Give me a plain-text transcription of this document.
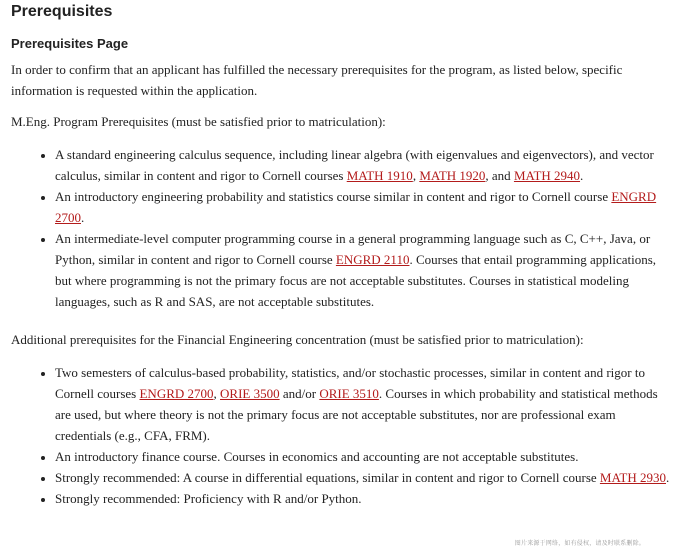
Prerequisites
Prerequisites Page

In order to confirm that an applicant has fulfilled the necessary prerequisites for the program, as listed below, specific information is requested within the application.

M.Eng. Program Prerequisites (must be satisfied prior to matriculation):

• A standard engineering calculus sequence, including linear algebra (with eigenvalues and eigenvectors), and vector calculus, similar in content and rigor to Cornell courses MATH 1910, MATH 1920, and MATH 2940.
• An introductory engineering probability and statistics course similar in content and rigor to Cornell course ENGRD 2700.
• An intermediate-level computer programming course in a general programming language such as C, C++, Java, or Python, similar in content and rigor to Cornell course ENGRD 2110. Courses that entail programming applications, but where programming is not the primary focus are not acceptable substitutes. Courses in statistical modeling languages, such as R and SAS, are not acceptable substitutes.

Additional prerequisites for the Financial Engineering concentration (must be satisfied prior to matriculation):

• Two semesters of calculus-based probability, statistics, and/or stochastic processes, similar in content and rigor to Cornell courses ENGRD 2700, ORIE 3500 and/or ORIE 3510. Courses in which probability and statistical methods are used, but where theory is not the primary focus are not acceptable substitutes, nor are professional exam credentials (e.g., CFA, FRM).
• An introductory finance course. Courses in economics and accounting are not acceptable substitutes.
• Strongly recommended: A course in differential equations, similar in content and rigor to Cornell course MATH 2930.
• Strongly recommended: Proficiency with R and/or Python.
图片来源于网络，如有侵权，请及时联系删除。
